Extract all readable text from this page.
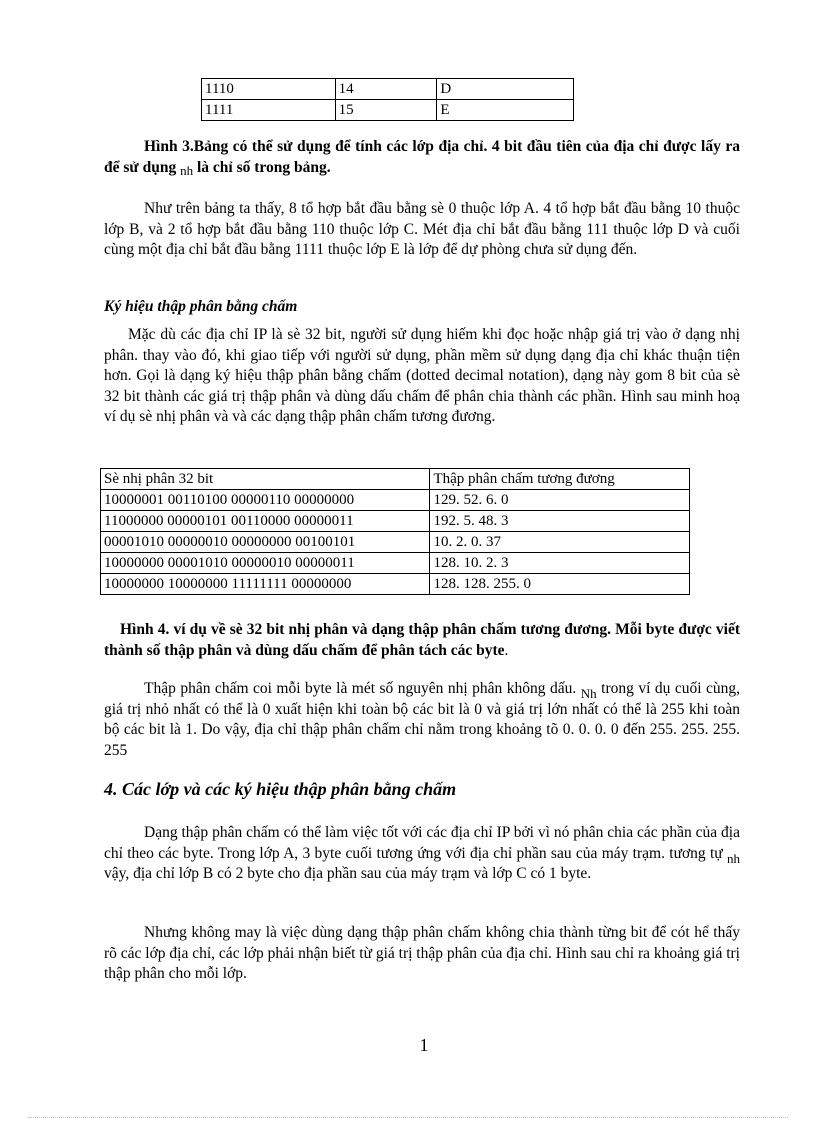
1110	14	D
1111	15	E
Hình 3.Bảng có thể sử dụng để tính các lớp địa chỉ. 4 bit đầu tiên của địa chỉ được lấy ra để sử dụng nh là chỉ số trong bảng.
Như trên bảng ta thấy, 8 tổ hợp bắt đầu bằng sè 0 thuộc lớp A. 4 tổ hợp bắt đầu bằng 10 thuộc lớp B, và 2 tổ hợp bắt đầu bằng 110 thuộc lớp C. Mét địa chỉ bắt đầu bằng 111 thuộc lớp D và cuối cùng một địa chỉ bắt đầu bằng 1111 thuộc lớp E là lớp để dự phòng chưa sử dụng đến.
Ký hiệu thập phân bằng chấm
Mặc dù các địa chỉ IP là sè 32 bit, người sử dụng hiếm khi đọc hoặc nhập giá trị vào ở dạng nhị phân. thay vào đó, khi giao tiếp với người sử dụng, phần mềm sử dụng dạng địa chỉ khác thuận tiện hơn. Gọi là dạng ký hiệu thập phân bằng chấm (dotted decimal notation), dạng này gom 8 bit của sè 32 bit thành các giá trị thập phân và dùng dấu chấm để phân chia thành các phần. Hình sau minh hoạ ví dụ sè nhị phân và và các dạng thập phân chấm tương đương.
Sè nhị phân 32 bit	Thập phân chấm tương đương
10000001 00110100 00000110 00000000	129. 52. 6. 0
11000000 00000101 00110000 00000011	192. 5. 48. 3
00001010 00000010 00000000 00100101	10. 2. 0. 37
10000000 00001010 00000010 00000011	128. 10. 2. 3
10000000 10000000 11111111 00000000	128. 128. 255. 0
Hình 4. ví dụ về sè 32 bit nhị phân và dạng thập phân chấm tương đương. Mỗi byte được viết thành số thập phân và dùng dấu chấm để phân tách các byte.
Thập phân chấm coi mỗi byte là mét số nguyên nhị phân không dấu. $_{Nh}$ trong ví dụ cuối cùng, giá trị nhỏ nhất có thể là 0 xuất hiện khi toàn bộ các bit là 0 và giá trị lớn nhất có thể là 255 khi toàn bộ các bit là 1. Do vậy, địa chỉ thập phân chấm chỉ nằm trong khoảng tõ 0. 0. 0. 0 đến 255. 255. 255. 255
4. Các lớp và các ký hiệu thập phân bằng chấm
Dạng thập phân chấm có thể làm việc tốt với các địa chỉ IP bởi vì nó phân chia các phần của địa chỉ theo các byte. Trong lớp A, 3 byte cuối tương ứng với địa chỉ phần sau của máy trạm. tương tự $_{nh}$ vậy, địa chỉ lớp B có 2 byte cho địa phần sau của máy trạm và lớp C có 1 byte.
Nhưng không may là việc dùng dạng thập phân chấm không chia thành từng bit để cót hể thấy rõ các lớp địa chỉ, các lớp phải nhận biết từ giá trị thập phân của địa chỉ. Hình sau chỉ ra khoảng giá trị thập phân cho mỗi lớp.
1
